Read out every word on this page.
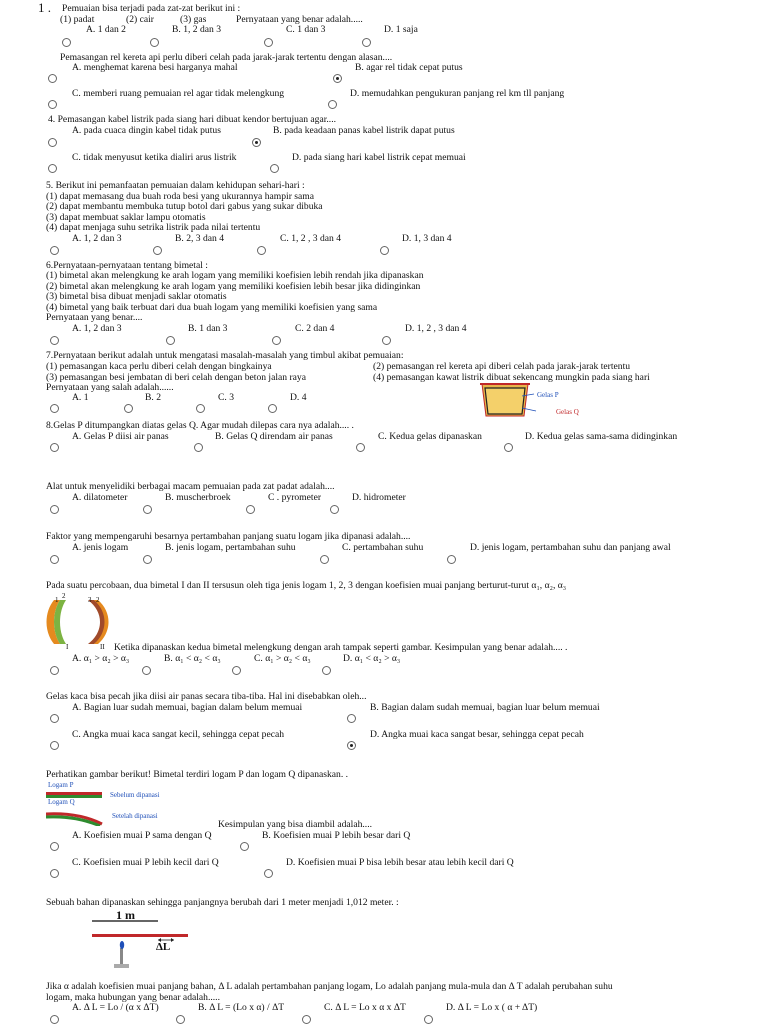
1 . Pemuaian bisa terjadi pada zat-zat berikut ini :
(1) padat	(2) cair	(3) gas	Pernyataan yang benar adalah.....
A. 1 dan 2	B. 1, 2 dan 3	C. 1 dan 3	D. 1 saja
Pemasangan rel kereta api perlu diberi celah pada jarak-jarak tertentu dengan alasan....
A. menghemat karena besi harganya mahal	B. agar rel tidak cepat putus
C. memberi ruang pemuaian rel agar tidak melengkung	D. memudahkan pengukuran panjang rel km tll panjang
4. Pemasangan kabel listrik pada siang hari dibuat kendor bertujuan agar....
A. pada cuaca dingin kabel tidak putus	B. pada keadaan panas kabel listrik dapat putus
C. tidak menyusut ketika dialiri arus listrik	D. pada siang hari kabel listrik cepat memuai
5. Berikut ini pemanfaatan pemuaian dalam kehidupan sehari-hari :
(1) dapat memasang dua buah roda besi yang ukurannya hampir sama
(2) dapat membantu membuka tutup botol dari gabus yang sukar dibuka
(3) dapat membuat saklar lampu otomatis
(4) dapat menjaga suhu setrika listrik pada nilai tertentu
A. 1, 2 dan 3	B. 2, 3 dan 4	C. 1, 2 , 3 dan 4	D. 1, 3 dan 4
6.Pernyataan-pernyataan tentang bimetal :
(1) bimetal akan melengkung ke arah logam yang memiliki koefisien lebih rendah jika dipanaskan
(2) bimetal akan melengkung ke arah logam yang memiliki koefisien lebih besar jika didinginkan
(3) bimetal bisa dibuat menjadi saklar otomatis
(4) bimetal yang baik terbuat dari dua buah logam yang memiliki koefisien yang sama
Pernyataan yang benar....
A. 1, 2 dan 3	B. 1 dan 3	C. 2 dan 4	D. 1, 2 , 3 dan 4
7.Pernyataan berikut adalah untuk mengatasi masalah-masalah yang timbul akibat pemuaian:
(1) pemasangan kaca perlu diberi celah dengan bingkainya	(2) pemasangan rel kereta api diberi celah pada jarak-jarak tertentu
(3) pemasangan besi jembatan di beri celah dengan beton jalan raya	(4) pemasangan kawat listrik dibuat sekencang mungkin pada siang hari
Pernyataan yang salah adalah......
A. 1	B. 2	C. 3	D. 4	Gelas P
Gelas Q
8.Gelas P ditumpangkan diatas gelas Q. Agar mudah dilepas cara nya adalah.... .
A. Gelas P diisi air panas	B. Gelas Q direndam air panas	C. Kedua gelas dipanaskan	D. Kedua gelas sama-sama didinginkan
Alat untuk menyelidiki berbagai macam pemuaian pada zat padat adalah....
A. dilatometer	B. muscherbroek	C . pyrometer	D. hidrometer
Faktor yang mempengaruhi besarnya pertambahan panjang suatu logam jika dipanasi adalah....
A. jenis logam	B. jenis logam, pertambahan suhu	C. pertambahan suhu	D. jenis logam, pertambahan suhu dan panjang awal
Pada suatu percobaan, dua bimetal I dan II tersusun oleh tiga jenis logam 1, 2, 3 dengan koefisien muai panjang berturut-turut α₁, α₂, α₃
1 2	3 2
I	II Ketika dipanaskan kedua bimetal melengkung dengan arah tampak seperti gambar. Kesimpulan yang benar adalah.... .
A. α₁ > α₂ > α₃	B. α₁ < α₂ < α₃	C. α₁ > α₂ < α₃	D. α₁ < α₂ > α₃
Gelas kaca bisa pecah jika diisi air panas secara tiba-tiba. Hal ini disebabkan oleh...
A. Bagian luar sudah memuai, bagian dalam belum memuai	B. Bagian dalam sudah memuai, bagian luar belum memuai
C. Angka muai kaca sangat kecil, sehingga cepat pecah	D. Angka muai kaca sangat besar, sehingga cepat pecah
Perhatikan gambar berikut! Bimetal terdiri logam P dan logam Q dipanaskan. .
Logam P
Logam Q
Sebelum dipanasi
Setelah dipanasi
Kesimpulan yang bisa diambil adalah....
A. Koefisien muai P sama dengan Q	B. Koefisien muai P lebih besar dari Q
C. Koefisien muai P lebih kecil dari Q	D. Koefisien muai P bisa lebih besar atau lebih kecil dari Q
Sebuah bahan dipanaskan sehingga panjangnya berubah dari 1 meter menjadi 1,012 meter. :
1 m
ΔL
Jika α adalah koefisien muai panjang bahan, Δ L adalah pertambahan panjang logam, Lo adalah panjang mula-mula dan Δ T adalah perubahan suhu
logam, maka hubungan yang benar adalah.....
A. Δ L = Lo / (α x ΔT)	B. Δ L = (Lo x α) / ΔT	C. Δ L = Lo x α x ΔT	D. Δ L = Lo x ( α + ΔT)
